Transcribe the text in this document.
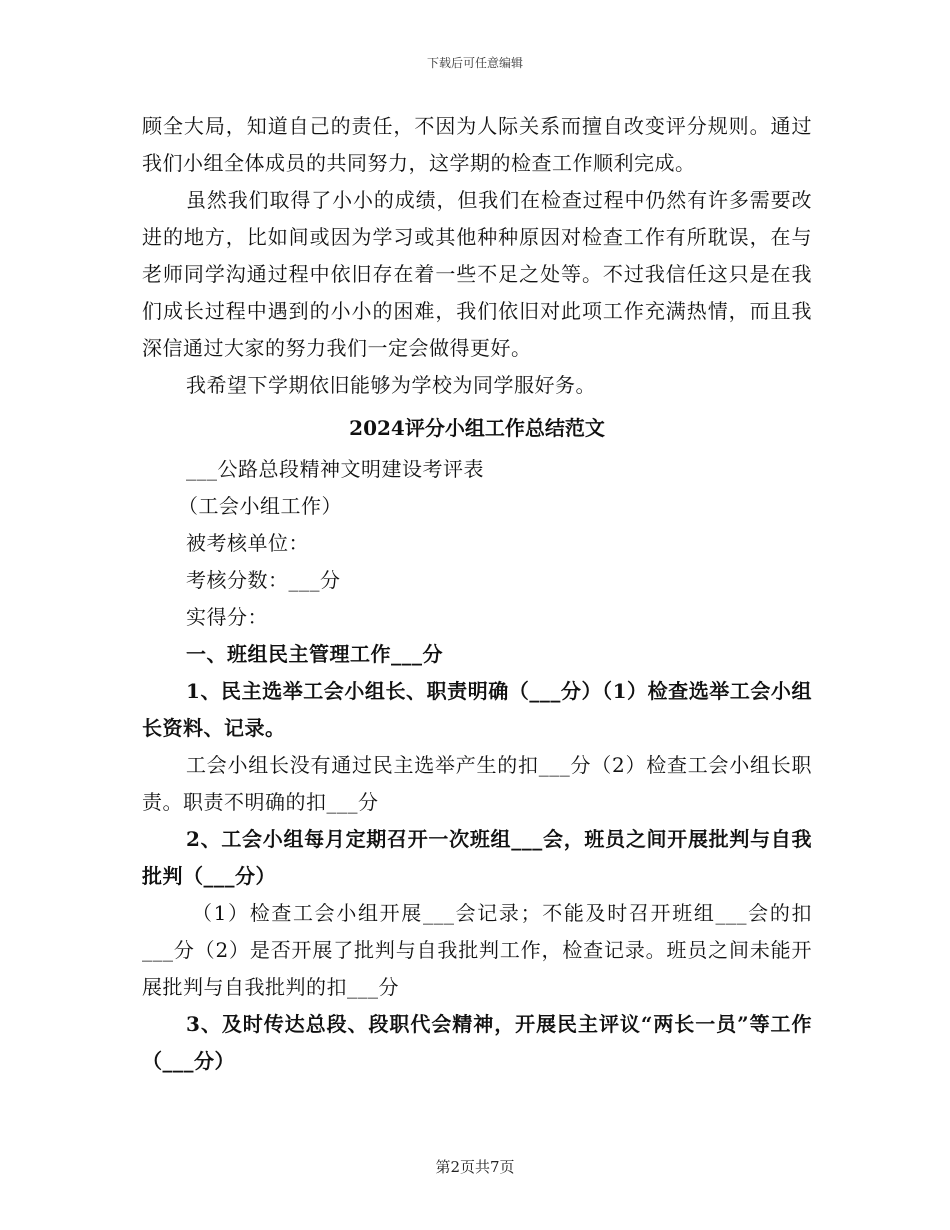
下载后可任意编辑

顾全大局，知道自己的责任，不因为人际关系而擅自改变评分规则。通过我们小组全体成员的共同努力，这学期的检查工作顺利完成。

虽然我们取得了小小的成绩，但我们在检查过程中仍然有许多需要改进的地方，比如间或因为学习或其他种种原因对检查工作有所耽误，在与老师同学沟通过程中依旧存在着一些不足之处等。不过我信任这只是在我们成长过程中遇到的小小的困难，我们依旧对此项工作充满热情，而且我深信通过大家的努力我们一定会做得更好。

我希望下学期依旧能够为学校为同学服好务。

2024评分小组工作总结范文

___公路总段精神文明建设考评表

（工会小组工作）

被考核单位：

考核分数：___分

实得分：

一、班组民主管理工作___分

1、民主选举工会小组长、职责明确（___分）（1）检查选举工会小组长资料、记录。

工会小组长没有通过民主选举产生的扣___分（2）检查工会小组长职责。职责不明确的扣___分

2、工会小组每月定期召开一次班组___会，班员之间开展批判与自我批判（___分）

（1）检查工会小组开展___会记录；不能及时召开班组___会的扣___分（2）是否开展了批判与自我批判工作，检查记录。班员之间未能开展批判与自我批判的扣___分

3、及时传达总段、段职代会精神，开展民主评议“两长一员”等工作（___分）

第2页共7页
